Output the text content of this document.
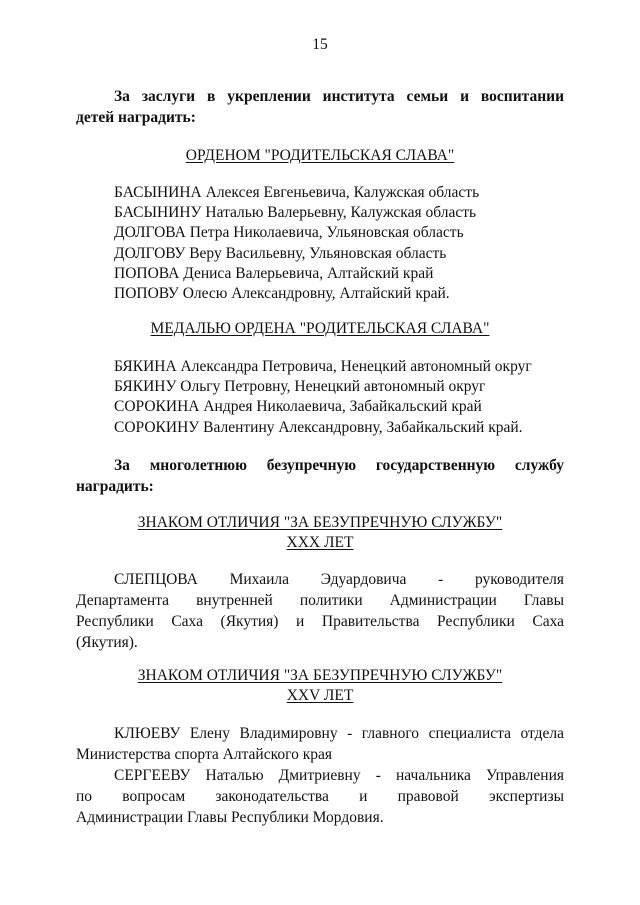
15
За заслуги в укреплении института семьи и воспитании
детей наградить:
ОРДЕНОМ "РОДИТЕЛЬСКАЯ СЛАВА"
БАСЫНИНА Алексея Евгеньевича, Калужская область
БАСЫНИНУ Наталью Валерьевну, Калужская область
ДОЛГОВА Петра Николаевича, Ульяновская область
ДОЛГОВУ Веру Васильевну, Ульяновская область
ПОПОВА Дениса Валерьевича, Алтайский край
ПОПОВУ Олесю Александровну, Алтайский край.
МЕДАЛЬЮ ОРДЕНА "РОДИТЕЛЬСКАЯ СЛАВА"
БЯКИНА Александра Петровича, Ненецкий автономный округ
БЯКИНУ Ольгу Петровну, Ненецкий автономный округ
СОРОКИНА Андрея Николаевича, Забайкальский край
СОРОКИНУ Валентину Александровну, Забайкальский край.
За многолетнюю безупречную государственную службу
наградить:
ЗНАКОМ ОТЛИЧИЯ "ЗА БЕЗУПРЕЧНУЮ СЛУЖБУ"
XXX ЛЕТ
СЛЕПЦОВА Михаила Эдуардовича - руководителя
Департамента внутренней политики Администрации Главы
Республики Саха (Якутия) и Правительства Республики Саха
(Якутия).
ЗНАКОМ ОТЛИЧИЯ "ЗА БЕЗУПРЕЧНУЮ СЛУЖБУ"
XXV ЛЕТ
КЛЮЕВУ Елену Владимировну - главного специалиста отдела
Министерства спорта Алтайского края
СЕРГЕЕВУ Наталью Дмитриевну - начальника Управления
по вопросам законодательства и правовой экспертизы
Администрации Главы Республики Мордовия.
